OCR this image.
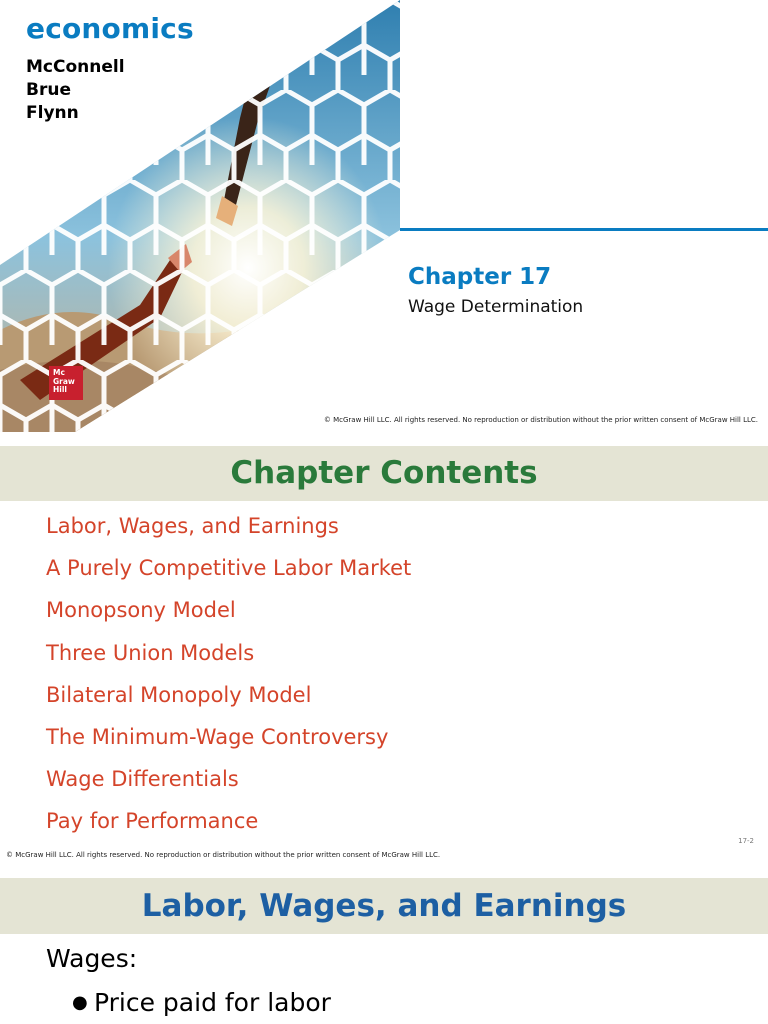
economics
McConnell
Brue
Flynn
Chapter 17
Wage Determination
Mc
Graw
Hill
© McGraw Hill LLC. All rights reserved. No reproduction or distribution without the prior written consent of McGraw Hill LLC.
Chapter Contents
Labor, Wages, and Earnings
A Purely Competitive Labor Market
Monopsony Model
Three Union Models
Bilateral Monopoly Model
The Minimum-Wage Controversy
Wage Differentials
Pay for Performance
17-2
© McGraw Hill LLC. All rights reserved. No reproduction or distribution without the prior written consent of McGraw Hill LLC.
Labor, Wages, and Earnings
Wages:
● Price paid for labor
